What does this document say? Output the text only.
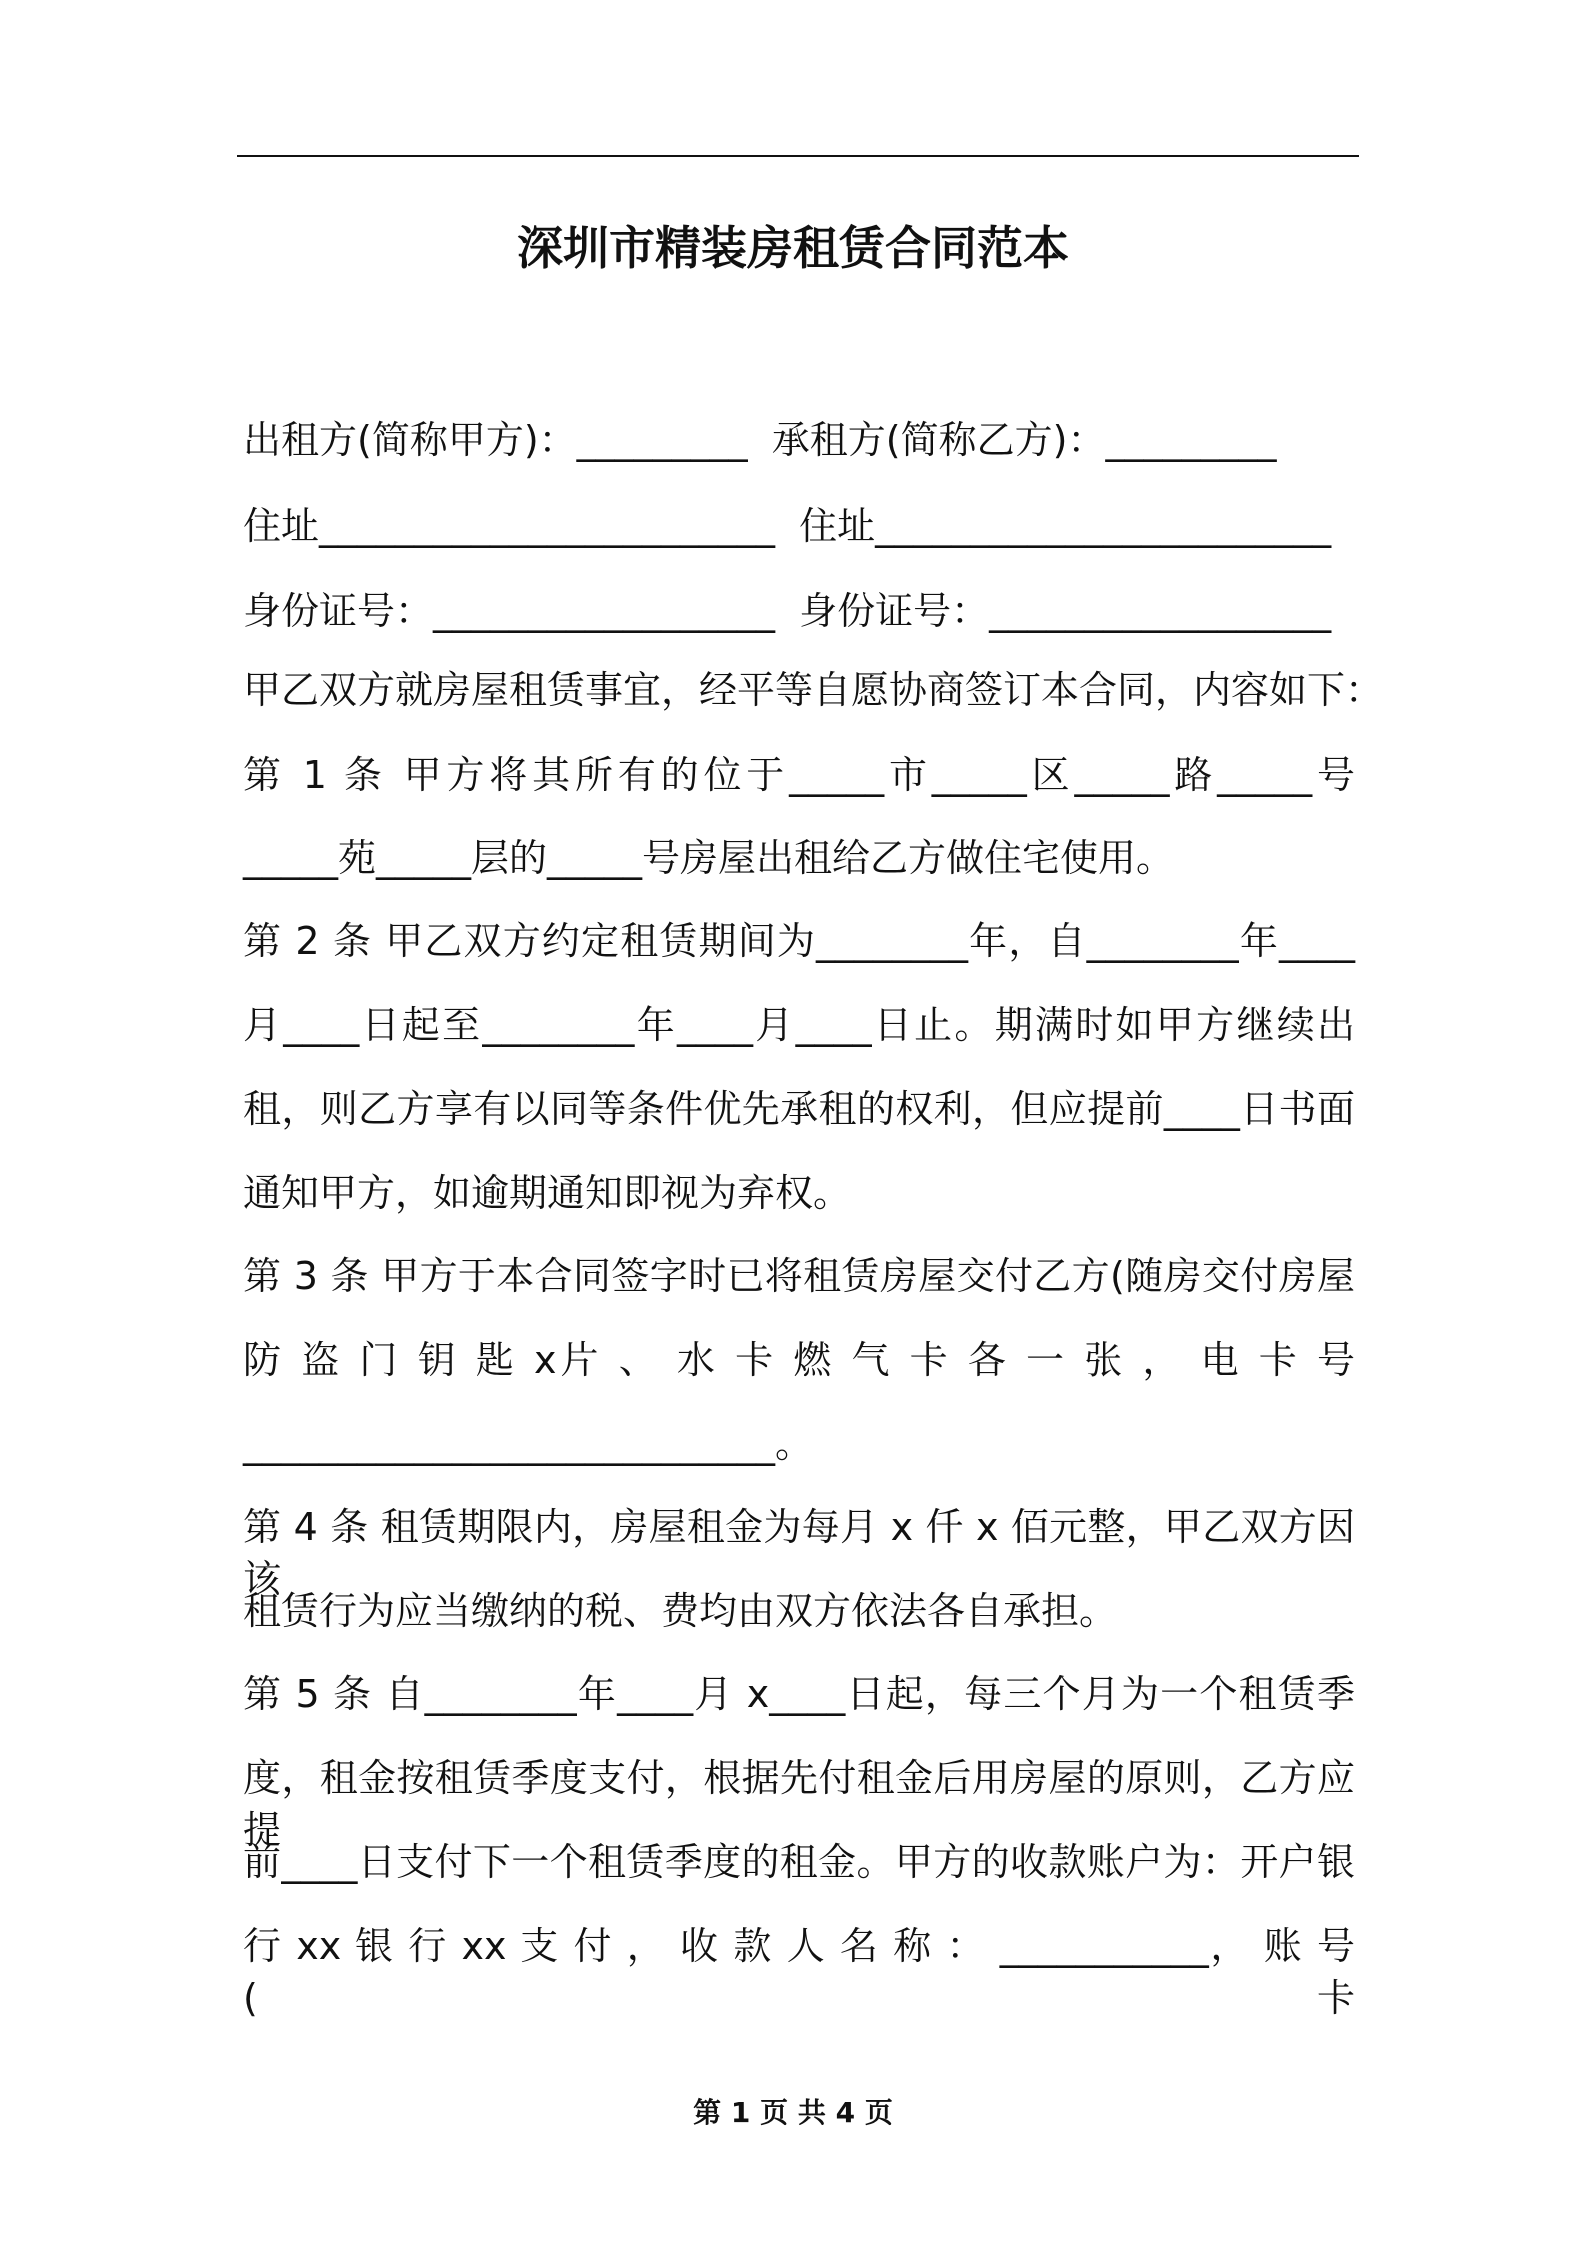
深圳市精装房租赁合同范本
出租方(简称甲方)：_________  承租方(简称乙方)：_________
住址________________________  住址________________________
身份证号：__________________  身份证号：__________________
甲乙双方就房屋租赁事宜，经平等自愿协商签订本合同，内容如下：
第 1 条 甲方将其所有的位于_____市_____区_____路_____号
_____苑_____层的_____号房屋出租给乙方做住宅使用。
第 2 条 甲乙双方约定租赁期间为________年，自________年____
月____日起至________年____月____日止。期满时如甲方继续出
租，则乙方享有以同等条件优先承租的权利，但应提前____日书面
通知甲方，如逾期通知即视为弃权。
第 3 条 甲方于本合同签字时已将租赁房屋交付乙方(随房交付房屋
防 盗 门 钥 匙 x片 、 水 卡 燃 气 卡 各 一 张 ， 电 卡 号
____________________________。
第 4 条 租赁期限内，房屋租金为每月 x 仟 x 佰元整，甲乙双方因该
租赁行为应当缴纳的税、费均由双方依法各自承担。
第 5 条 自________年____月 x____日起，每三个月为一个租赁季
度，租金按租赁季度支付，根据先付租金后用房屋的原则，乙方应提
前____日支付下一个租赁季度的租金。甲方的收款账户为：开户银
行 xx 银 行 xx 支 付 ， 收 款 人 名 称 ： ___________， 账 号 (卡
第 1 页 共 4 页
